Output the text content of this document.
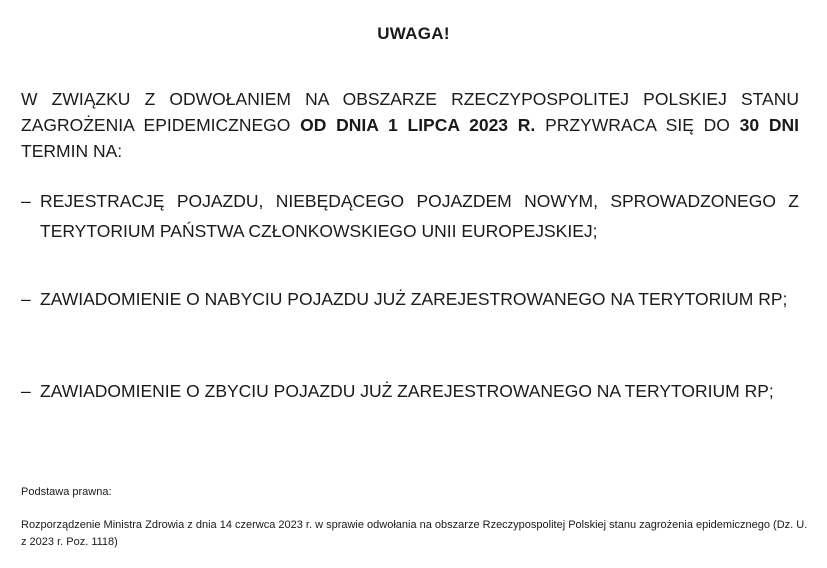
UWAGA!

W ZWIĄZKU Z ODWOŁANIEM NA OBSZARZE RZECZYPOSPOLITEJ POLSKIEJ STANU ZAGROŻENIA EPIDEMICZNEGO OD DNIA 1 LIPCA 2023 R. PRZYWRACA SIĘ DO 30 DNI TERMIN NA:

– REJESTRACJĘ POJAZDU, NIEBĘDĄCEGO POJAZDEM NOWYM, SPROWADZONEGO Z TERYTORIUM PAŃSTWA CZŁONKOWSKIEGO UNII EUROPEJSKIEJ;

– ZAWIADOMIENIE O NABYCIU POJAZDU JUŻ ZAREJESTROWANEGO NA TERYTORIUM RP;

– ZAWIADOMIENIE O ZBYCIU POJAZDU JUŻ ZAREJESTROWANEGO NA TERYTORIUM RP;

Podstawa prawna:

Rozporządzenie Ministra Zdrowia z dnia 14 czerwca 2023 r. w sprawie odwołania na obszarze Rzeczypospolitej Polskiej stanu zagrożenia epidemicznego (Dz. U. z 2023 r. Poz. 1118)
